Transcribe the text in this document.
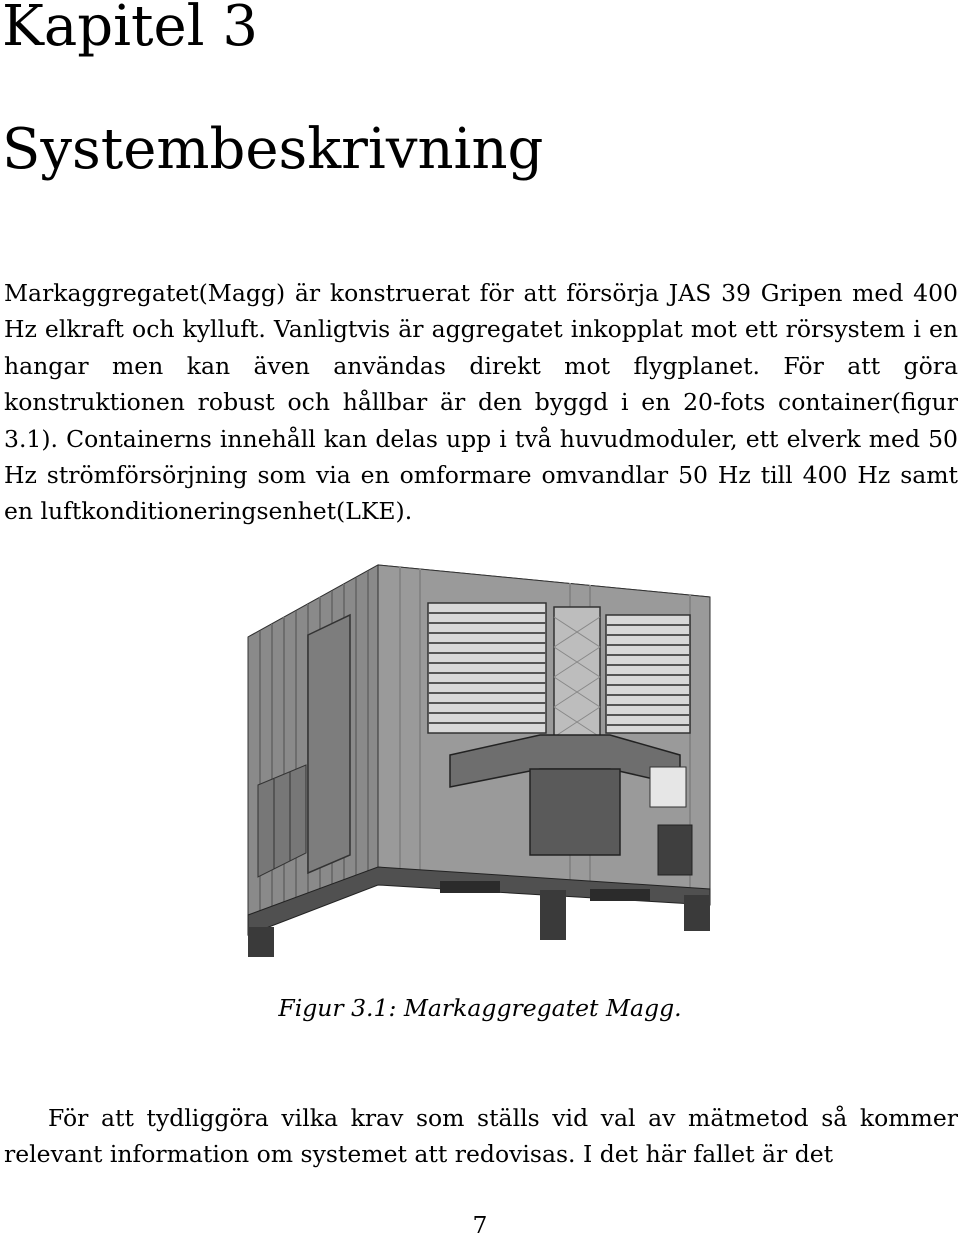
Kapitel 3
Systembeskrivning

Markaggregatet(Magg) är konstruerat för att försörja JAS 39 Gripen med 400 Hz elkraft och kylluft. Vanligtvis är aggregatet inkopplat mot ett rörsystem i en hangar men kan även användas direkt mot flygplanet. För att göra konstruktionen robust och hållbar är den byggd i en 20-fots container(figur 3.1). Containerns innehåll kan delas upp i två huvudmoduler, ett elverk med 50 Hz strömförsörjning som via en omformare omvandlar 50 Hz till 400 Hz samt en luftkonditioneringsenhet(LKE).

Figur 3.1: Markaggregatet Magg.

För att tydliggöra vilka krav som ställs vid val av mätmetod så kommer relevant information om systemet att redovisas. I det här fallet är det

7
